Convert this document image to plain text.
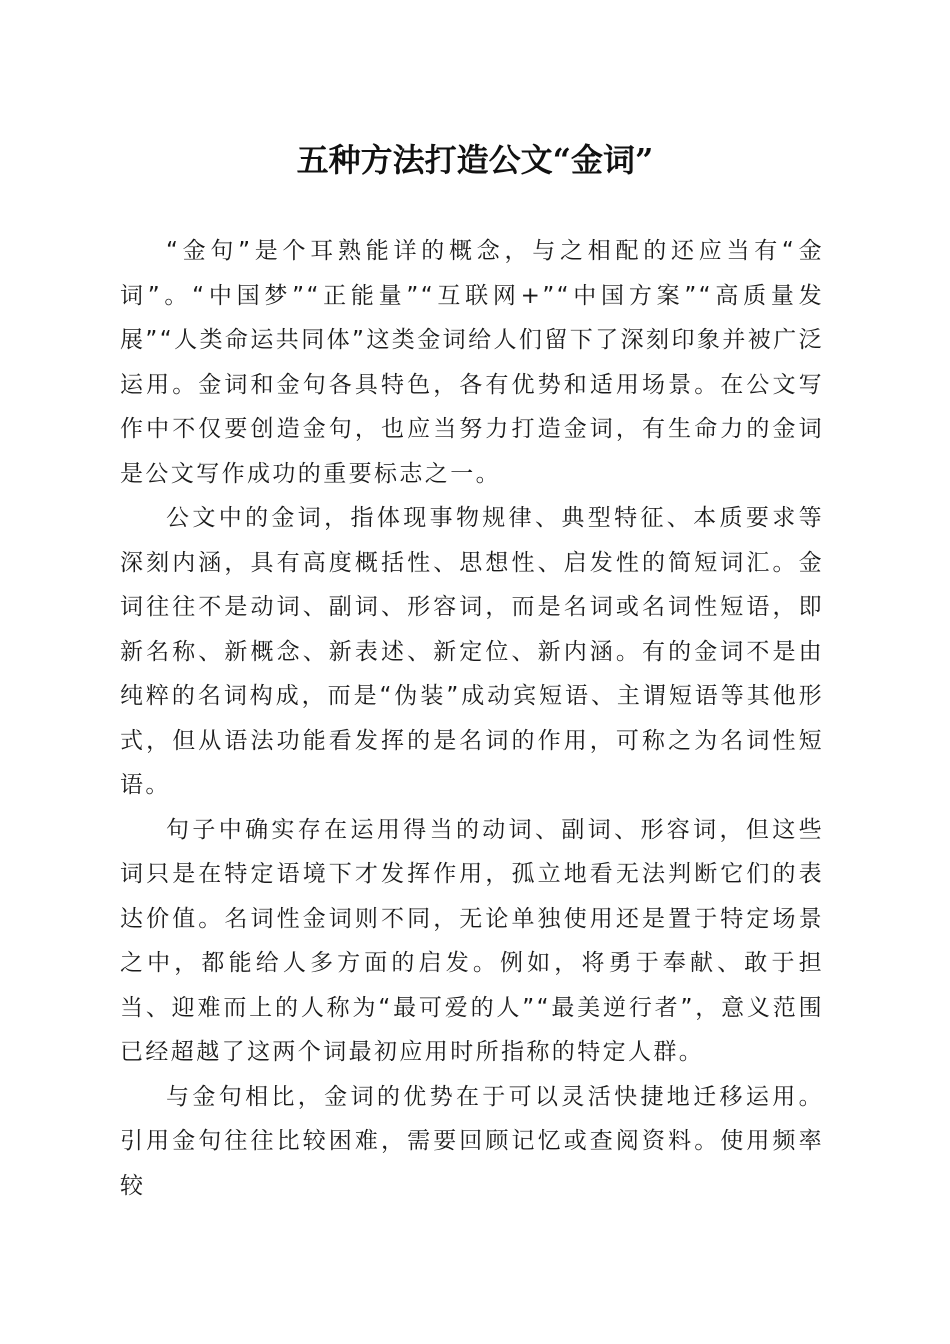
五种方法打造公文“金词”

“金句”是个耳熟能详的概念，与之相配的还应当有“金词”。“中国梦”“正能量”“互联网+”“中国方案”“高质量发展”“人类命运共同体”这类金词给人们留下了深刻印象并被广泛运用。金词和金句各具特色，各有优势和适用场景。在公文写作中不仅要创造金句，也应当努力打造金词，有生命力的金词是公文写作成功的重要标志之一。

公文中的金词，指体现事物规律、典型特征、本质要求等深刻内涵，具有高度概括性、思想性、启发性的简短词汇。金词往往不是动词、副词、形容词，而是名词或名词性短语，即新名称、新概念、新表述、新定位、新内涵。有的金词不是由纯粹的名词构成，而是“伪装”成动宾短语、主谓短语等其他形式，但从语法功能看发挥的是名词的作用，可称之为名词性短语。

句子中确实存在运用得当的动词、副词、形容词，但这些词只是在特定语境下才发挥作用，孤立地看无法判断它们的表达价值。名词性金词则不同，无论单独使用还是置于特定场景之中，都能给人多方面的启发。例如，将勇于奉献、敢于担当、迎难而上的人称为“最可爱的人”“最美逆行者”，意义范围已经超越了这两个词最初应用时所指称的特定人群。

与金句相比，金词的优势在于可以灵活快捷地迁移运用。引用金句往往比较困难，需要回顾记忆或查阅资料。使用频率较
